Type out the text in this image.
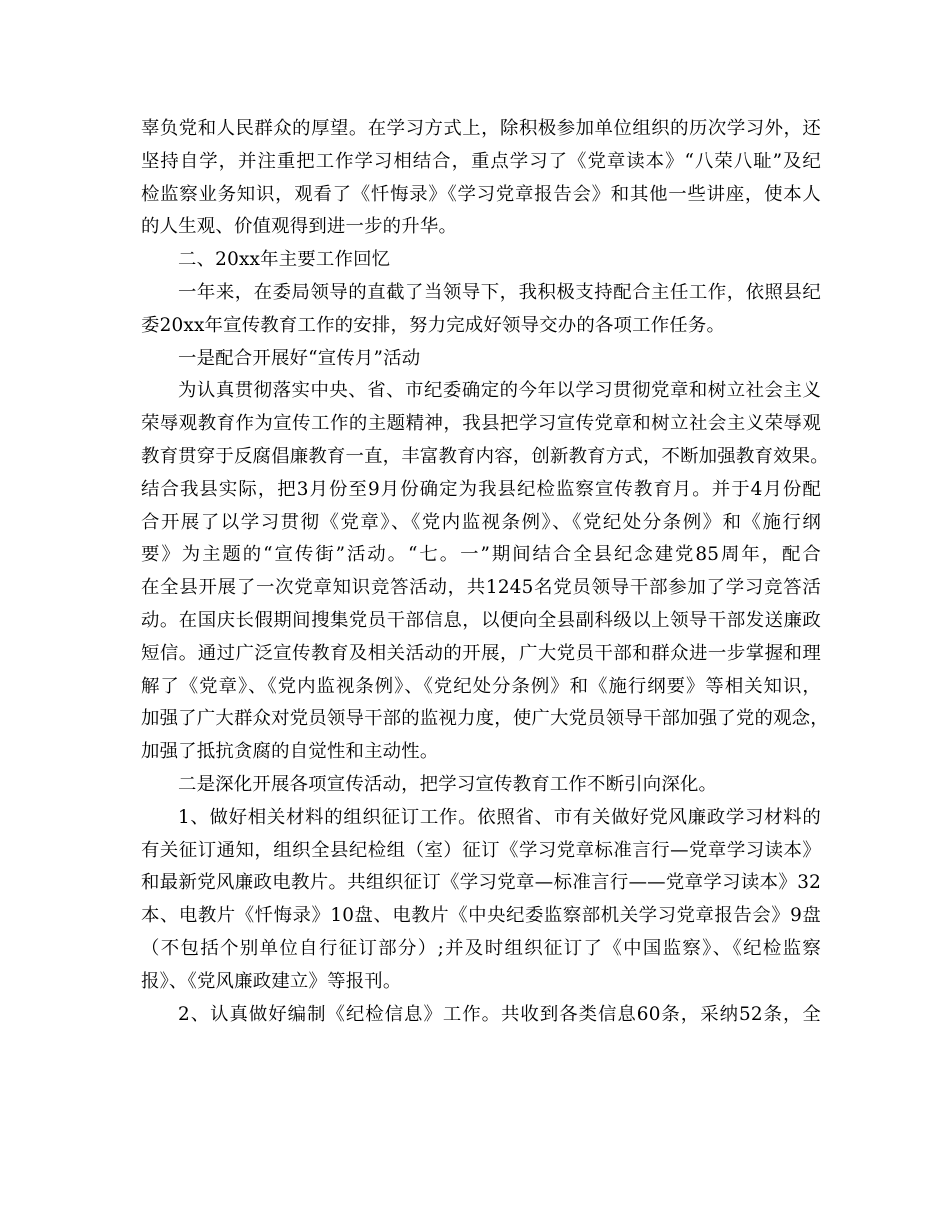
辜负党和人民群众的厚望。在学习方式上，除积极参加单位组织的历次学习外，还

坚持自学，并注重把工作学习相结合，重点学习了《党章读本》“八荣八耻”及纪

检监察业务知识，观看了《忏悔录》《学习党章报告会》和其他一些讲座，使本人

的人生观、价值观得到进一步的升华。

二、20xx年主要工作回忆

一年来，在委局领导的直截了当领导下，我积极支持配合主任工作，依照县纪

委20xx年宣传教育工作的安排，努力完成好领导交办的各项工作任务。

一是配合开展好“宣传月”活动

为认真贯彻落实中央、省、市纪委确定的今年以学习贯彻党章和树立社会主义

荣辱观教育作为宣传工作的主题精神，我县把学习宣传党章和树立社会主义荣辱观

教育贯穿于反腐倡廉教育一直，丰富教育内容，创新教育方式，不断加强教育效果。

结合我县实际，把3月份至9月份确定为我县纪检监察宣传教育月。并于4月份配

合开展了以学习贯彻《党章》、《党内监视条例》、《党纪处分条例》和《施行纲

要》为主题的“宣传街”活动。“七。一”期间结合全县纪念建党85周年，配合

在全县开展了一次党章知识竞答活动，共1245名党员领导干部参加了学习竞答活

动。在国庆长假期间搜集党员干部信息，以便向全县副科级以上领导干部发送廉政

短信。通过广泛宣传教育及相关活动的开展，广大党员干部和群众进一步掌握和理

解了《党章》、《党内监视条例》、《党纪处分条例》和《施行纲要》等相关知识，

加强了广大群众对党员领导干部的监视力度，使广大党员领导干部加强了党的观念，

加强了抵抗贪腐的自觉性和主动性。

二是深化开展各项宣传活动，把学习宣传教育工作不断引向深化。

1、做好相关材料的组织征订工作。依照省、市有关做好党风廉政学习材料的

有关征订通知，组织全县纪检组（室）征订《学习党章标准言行—党章学习读本》

和最新党风廉政电教片。共组织征订《学习党章—标准言行——党章学习读本》32

本、电教片《忏悔录》10盘、电教片《中央纪委监察部机关学习党章报告会》9盘

（不包括个别单位自行征订部分）;并及时组织征订了《中国监察》、《纪检监察

报》、《党风廉政建立》等报刊。

2、认真做好编制《纪检信息》工作。共收到各类信息60条，采纳52条，全
